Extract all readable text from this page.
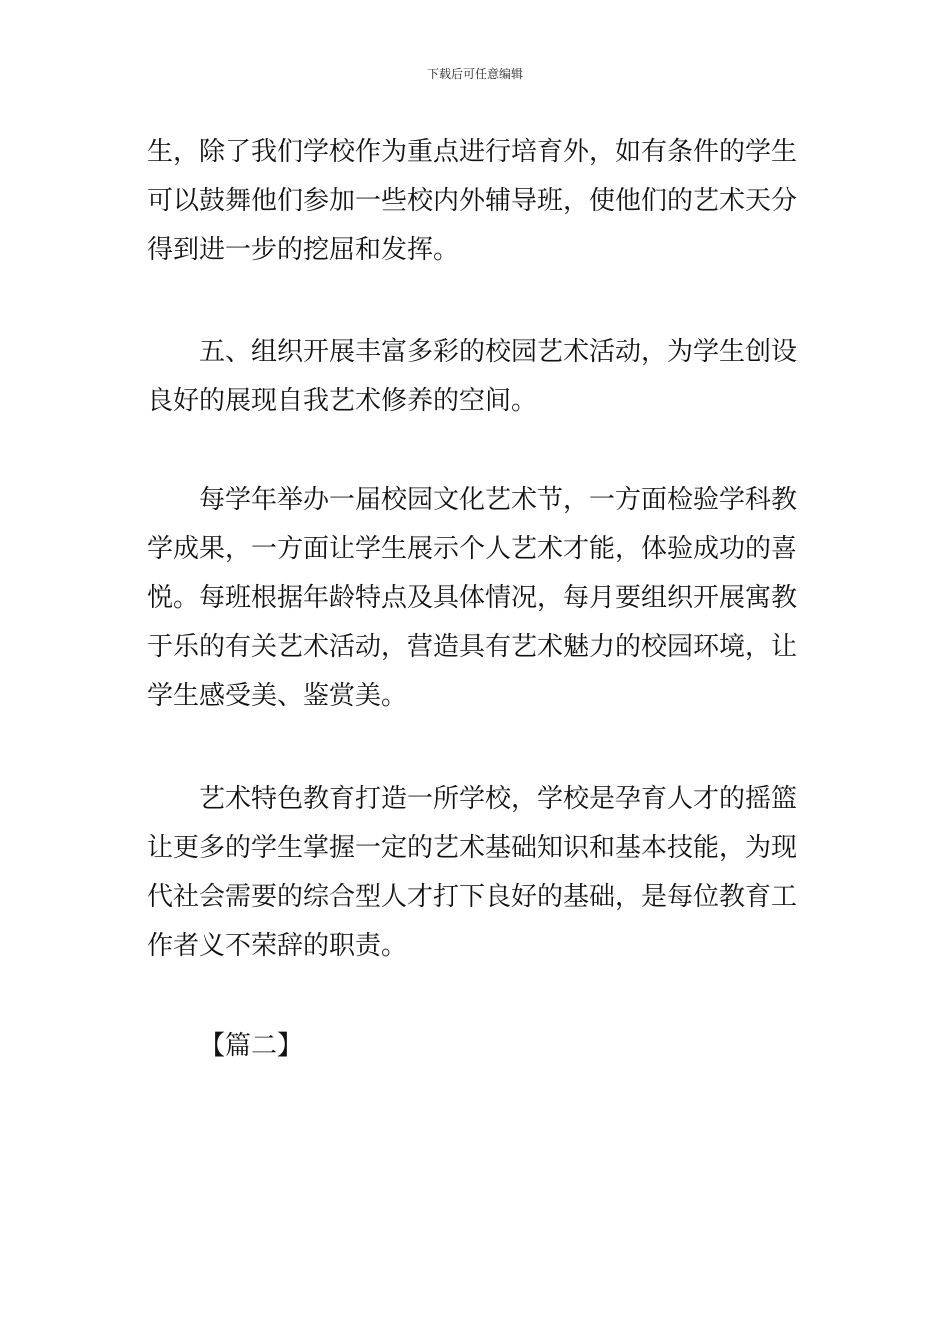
下载后可任意编辑
生，除了我们学校作为重点进行培育外，如有条件的学生
可以鼓舞他们参加一些校内外辅导班，使他们的艺术天分
得到进一步的挖屈和发挥。
五、组织开展丰富多彩的校园艺术活动，为学生创设
良好的展现自我艺术修养的空间。
每学年举办一届校园文化艺术节，一方面检验学科教
学成果，一方面让学生展示个人艺术才能，体验成功的喜
悦。每班根据年龄特点及具体情况，每月要组织开展寓教
于乐的有关艺术活动，营造具有艺术魅力的校园环境，让
学生感受美、鉴赏美。
艺术特色教育打造一所学校，学校是孕育人才的摇篮
让更多的学生掌握一定的艺术基础知识和基本技能，为现
代社会需要的综合型人才打下良好的基础，是每位教育工
作者义不荣辞的职责。
【篇二】
